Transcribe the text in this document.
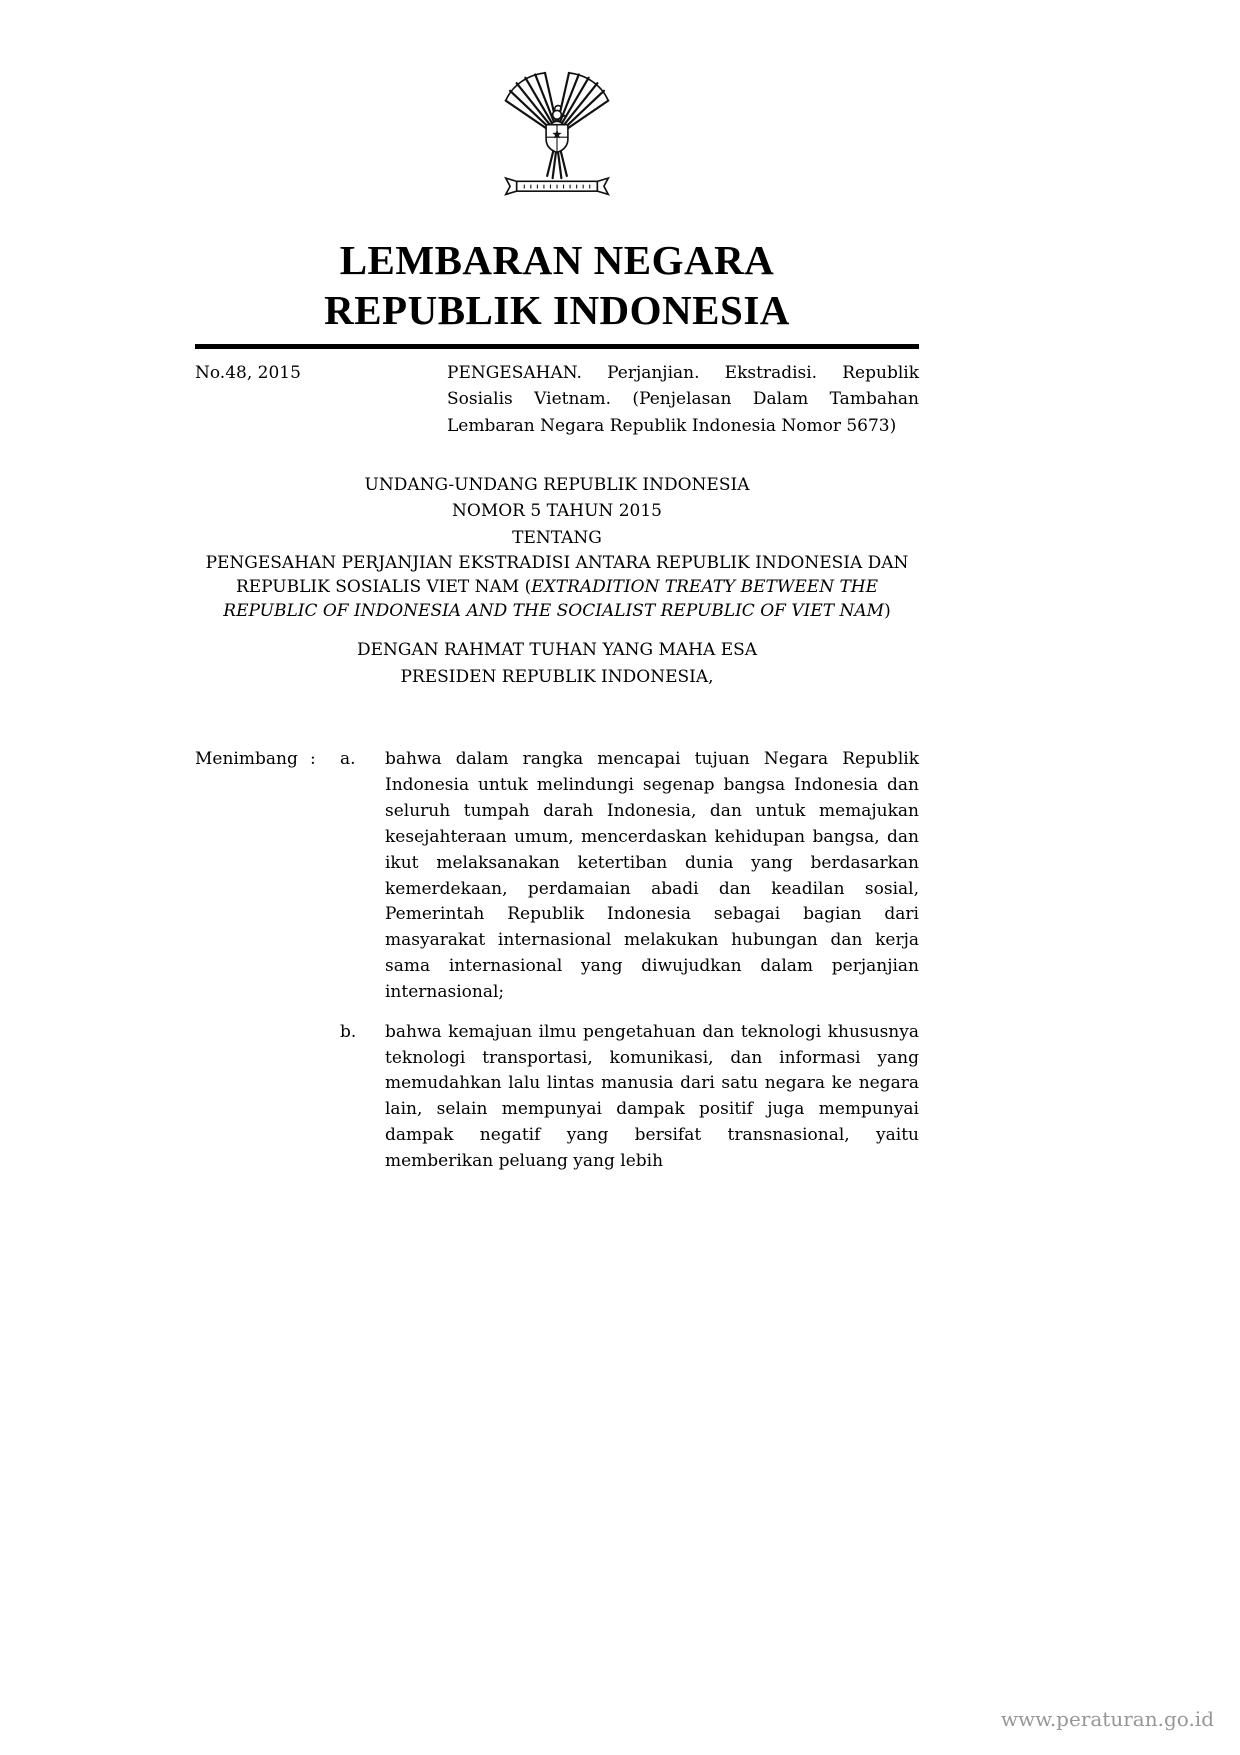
LEMBARAN NEGARA
REPUBLIK INDONESIA
No.48, 2015	PENGESAHAN. Perjanjian. Ekstradisi. Republik Sosialis Vietnam. (Penjelasan Dalam Tambahan Lembaran Negara Republik Indonesia Nomor 5673)
UNDANG-UNDANG REPUBLIK INDONESIA
NOMOR 5 TAHUN 2015
TENTANG
PENGESAHAN PERJANJIAN EKSTRADISI ANTARA REPUBLIK INDONESIA DAN REPUBLIK SOSIALIS VIET NAM (EXTRADITION TREATY BETWEEN THE REPUBLIC OF INDONESIA AND THE SOCIALIST REPUBLIC OF VIET NAM)
DENGAN RAHMAT TUHAN YANG MAHA ESA
PRESIDEN REPUBLIK INDONESIA,
Menimbang :	a.	bahwa dalam rangka mencapai tujuan Negara Republik Indonesia untuk melindungi segenap bangsa Indonesia dan seluruh tumpah darah Indonesia, dan untuk memajukan kesejahteraan umum, mencerdaskan kehidupan bangsa, dan ikut melaksanakan ketertiban dunia yang berdasarkan kemerdekaan, perdamaian abadi dan keadilan sosial, Pemerintah Republik Indonesia sebagai bagian dari masyarakat internasional melakukan hubungan dan kerja sama internasional yang diwujudkan dalam perjanjian internasional;
b.	bahwa kemajuan ilmu pengetahuan dan teknologi khususnya teknologi transportasi, komunikasi, dan informasi yang memudahkan lalu lintas manusia dari satu negara ke negara lain, selain mempunyai dampak positif juga mempunyai dampak negatif yang bersifat transnasional, yaitu memberikan peluang yang lebih
www.peraturan.go.id
